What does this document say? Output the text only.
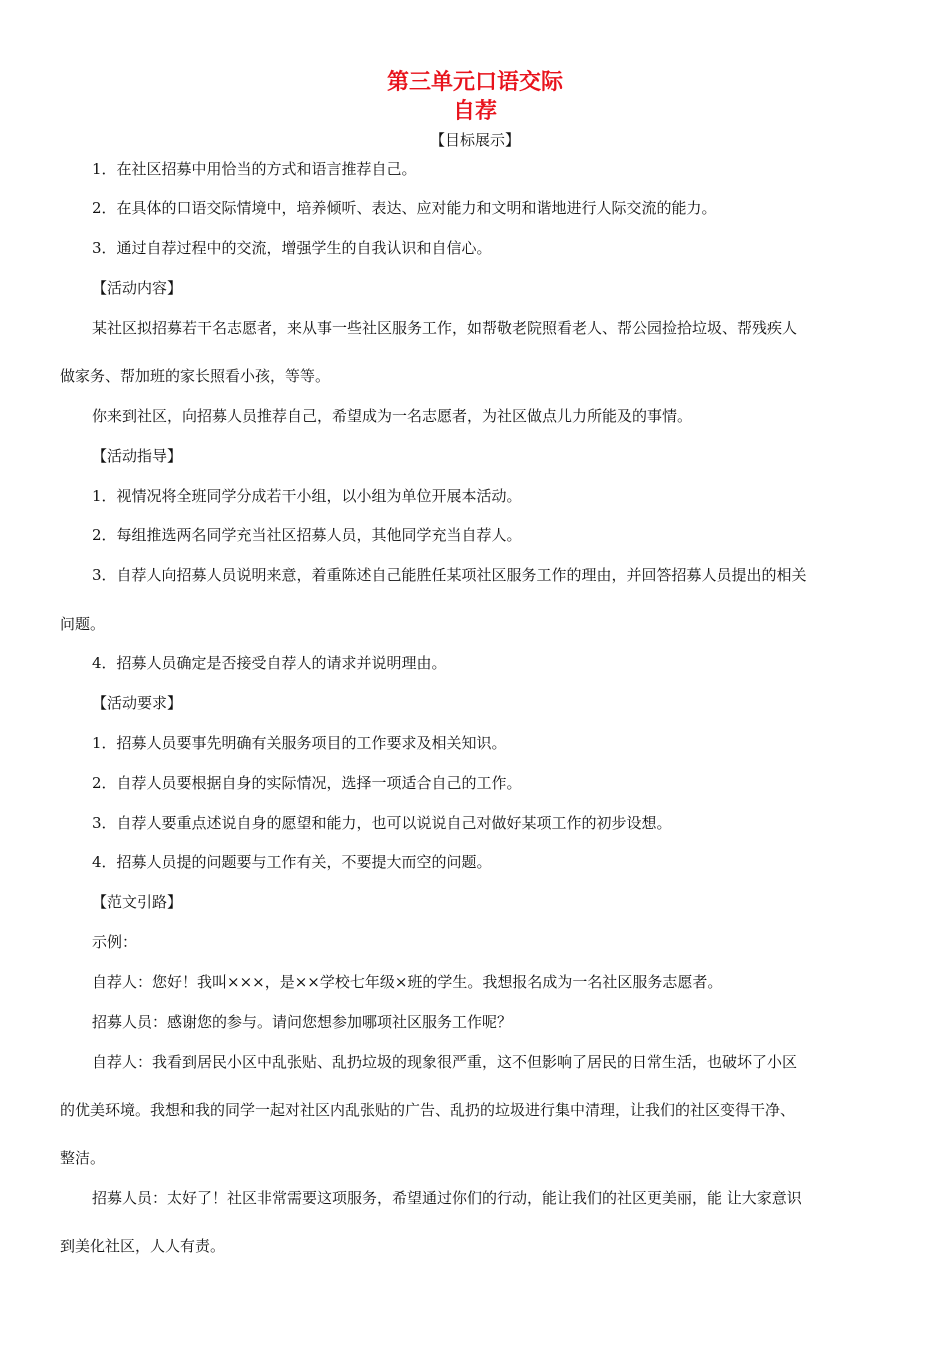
第三单元口语交际
自荐
【目标展示】
1．在社区招募中用恰当的方式和语言推荐自己。
2．在具体的口语交际情境中，培养倾听、表达、应对能力和文明和谐地进行人际交流的能力。
3．通过自荐过程中的交流，增强学生的自我认识和自信心。
【活动内容】
某社区拟招募若干名志愿者，来从事一些社区服务工作，如帮敬老院照看老人、帮公园捡拾垃圾、帮残疾人
做家务、帮加班的家长照看小孩，等等。
你来到社区，向招募人员推荐自己，希望成为一名志愿者，为社区做点儿力所能及的事情。
【活动指导】
1．视情况将全班同学分成若干小组，以小组为单位开展本活动。
2．每组推选两名同学充当社区招募人员，其他同学充当自荐人。
3．自荐人向招募人员说明来意，着重陈述自己能胜任某项社区服务工作的理由，并回答招募人员提出的相关
问题。
4．招募人员确定是否接受自荐人的请求并说明理由。
【活动要求】
1．招募人员要事先明确有关服务项目的工作要求及相关知识。
2．自荐人员要根据自身的实际情况，选择一项适合自己的工作。
3．自荐人要重点述说自身的愿望和能力，也可以说说自己对做好某项工作的初步设想。
4．招募人员提的问题要与工作有关，不要提大而空的问题。
【范文引路】
示例：
自荐人：您好！我叫×××，是××学校七年级×班的学生。我想报名成为一名社区服务志愿者。
招募人员：感谢您的参与。请问您想参加哪项社区服务工作呢？
自荐人：我看到居民小区中乱张贴、乱扔垃圾的现象很严重，这不但影响了居民的日常生活，也破坏了小区
的优美环境。我想和我的同学一起对社区内乱张贴的广告、乱扔的垃圾进行集中清理，让我们的社区变得干净、
整洁。
招募人员：太好了！社区非常需要这项服务，希望通过你们的行动，能让我们的社区更美丽，能 让大家意识
到美化社区，人人有责。
